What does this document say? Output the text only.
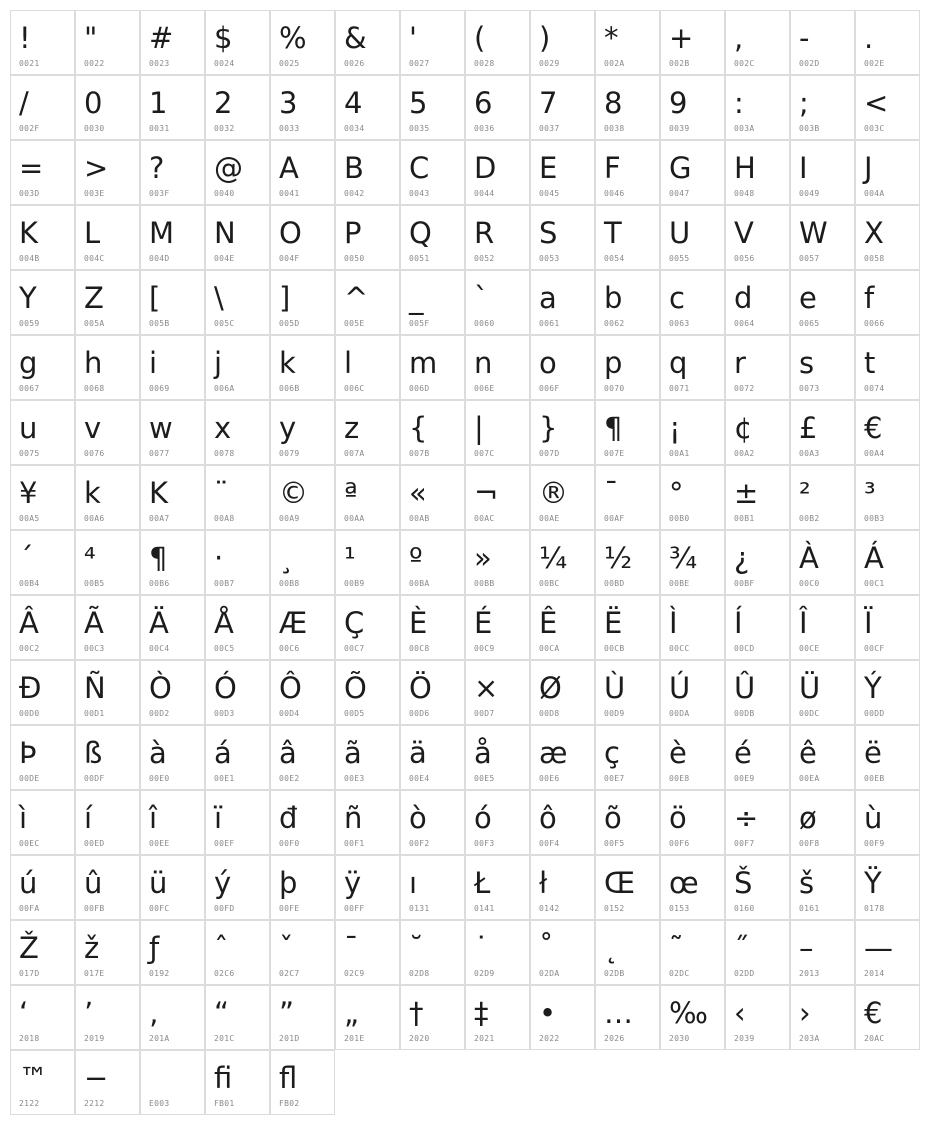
!
0021
"
0022
#
0023
$
0024
%
0025
&
0026
'
0027
(
0028
)
0029
*
002A
+
002B
,
002C
-
002D
.
002E
/
002F
0
0030
1
0031
2
0032
3
0033
4
0034
5
0035
6
0036
7
0037
8
0038
9
0039
:
003A
;
003B
<
003C
=
003D
>
003E
?
003F
@
0040
A
0041
B
0042
C
0043
D
0044
E
0045
F
0046
G
0047
H
0048
I
0049
J
004A
K
004B
L
004C
M
004D
N
004E
O
004F
P
0050
Q
0051
R
0052
S
0053
T
0054
U
0055
V
0056
W
0057
X
0058
Y
0059
Z
005A
[
005B
\
005C
]
005D
^
005E
_
005F
`
0060
a
0061
b
0062
c
0063
d
0064
e
0065
f
0066
g
0067
h
0068
i
0069
j
006A
k
006B
l
006C
m
006D
n
006E
o
006F
p
0070
q
0071
r
0072
s
0073
t
0074
u
0075
v
0076
w
0077
x
0078
y
0079
z
007A
{
007B
|
007C
}
007D
¶
007E
¡
00A1
¢
00A2
£
00A3
€
00A4
¥
00A5
k
00A6
K
00A7
¨
00A8
©
00A9
ª
00AA
«
00AB
¬
00AC
®
00AE
¯
00AF
°
00B0
±
00B1
²
00B2
³
00B3
´
00B4
⁴
00B5
¶
00B6
·
00B7
¸
00B8
¹
00B9
º
00BA
»
00BB
¼
00BC
½
00BD
¾
00BE
¿
00BF
À
00C0
Á
00C1
Â
00C2
Ã
00C3
Ä
00C4
Å
00C5
Æ
00C6
Ç
00C7
È
00C8
É
00C9
Ê
00CA
Ë
00CB
Ì
00CC
Í
00CD
Î
00CE
Ï
00CF
Đ
00D0
Ñ
00D1
Ò
00D2
Ó
00D3
Ô
00D4
Õ
00D5
Ö
00D6
×
00D7
Ø
00D8
Ù
00D9
Ú
00DA
Û
00DB
Ü
00DC
Ý
00DD
Þ
00DE
ß
00DF
à
00E0
á
00E1
â
00E2
ã
00E3
ä
00E4
å
00E5
æ
00E6
ç
00E7
è
00E8
é
00E9
ê
00EA
ë
00EB
ì
00EC
í
00ED
î
00EE
ï
00EF
đ
00F0
ñ
00F1
ò
00F2
ó
00F3
ô
00F4
õ
00F5
ö
00F6
÷
00F7
ø
00F8
ù
00F9
ú
00FA
û
00FB
ü
00FC
ý
00FD
þ
00FE
ÿ
00FF
ı
0131
Ł
0141
ł
0142
Œ
0152
œ
0153
Š
0160
š
0161
Ÿ
0178
Ž
017D
ž
017E
ƒ
0192
ˆ
02C6
ˇ
02C7
ˉ
02C9
˘
02D8
˙
02D9
˚
02DA
˛
02DB
˜
02DC
˝
02DD
–
2013
—
2014
‘
2018
’
2019
‚
201A
“
201C
”
201D
„
201E
†
2020
‡
2021
•
2022
…
2026
‰
2030
‹
2039
›
203A
€
20AC
™
2122
−
2212	E003
ﬁ
FB01
ﬂ
FB02
